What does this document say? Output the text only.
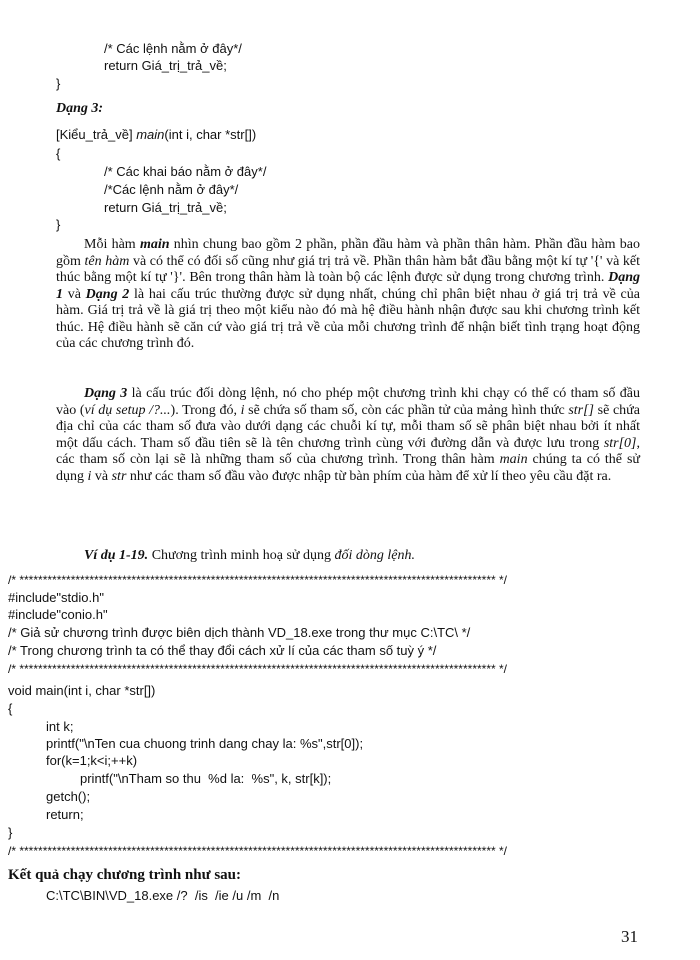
/* Các lệnh nằm ở đây*/
return Giá_trị_trả_về;
}
Dạng 3:
[Kiểu_trả_về] main(int i, char *str[])
{
/* Các khai báo nằm ở đây*/
/*Các lệnh nằm ở đây*/
return Giá_trị_trả_về;
}

Mỗi hàm main nhìn chung bao gồm 2 phần, phần đầu hàm và phần thân hàm. Phần đầu hàm bao gồm tên hàm và có thể có đối số cũng như giá trị trả về. Phần thân hàm bắt đầu bằng một kí tự '{' và kết thúc bằng một kí tự '}'. Bên trong thân hàm là toàn bộ các lệnh được sử dụng trong chương trình. Dạng 1 và Dạng 2 là hai cấu trúc thường được sử dụng nhất, chúng chỉ phân biệt nhau ở giá trị trả về của hàm. Giá trị trả về là giá trị theo một kiểu nào đó mà hệ điều hành nhận được sau khi chương trình kết thúc. Hệ điều hành sẽ căn cứ vào giá trị trả về của mỗi chương trình để nhận biết tình trạng hoạt động của các chương trình đó.

Dạng 3 là cấu trúc đối dòng lệnh, nó cho phép một chương trình khi chạy có thể có tham số đầu vào (ví dụ setup /?...). Trong đó, i sẽ chứa số tham số, còn các phần tử của mảng hình thức str[] sẽ chứa địa chỉ của các tham số đưa vào dưới dạng các chuỗi kí tự, mỗi tham số sẽ phân biệt nhau bởi ít nhất một dấu cách. Tham số đầu tiên sẽ là tên chương trình cùng với đường dẫn và được lưu trong str[0], các tham số còn lại sẽ là những tham số của chương trình. Trong thân hàm main chúng ta có thể sử dụng i và str như các tham số đầu vào được nhập từ bàn phím của hàm để xử lí theo yêu cầu đặt ra.

Ví dụ 1-19. Chương trình minh hoạ sử dụng đối dòng lệnh.
/* ****************************************************************************************************** */
#include"stdio.h"
#include"conio.h"
/* Giả sử chương trình được biên dịch thành VD_18.exe trong thư mục C:\TC\ */
/* Trong chương trình ta có thể thay đổi cách xử lí của các tham số tuỳ ý */
/* ****************************************************************************************************** */
void main(int i, char *str[])
{
int k;
printf("\nTen cua chuong trinh dang chay la: %s",str[0]);
for(k=1;k<i;++k)
printf("\nTham so thu  %d la:  %s", k, str[k]);
getch();
return;
}
/* ****************************************************************************************************** */
Kết quả chạy chương trình như sau:
C:\TC\BIN\VD_18.exe /?  /is  /ie /u /m  /n
31
